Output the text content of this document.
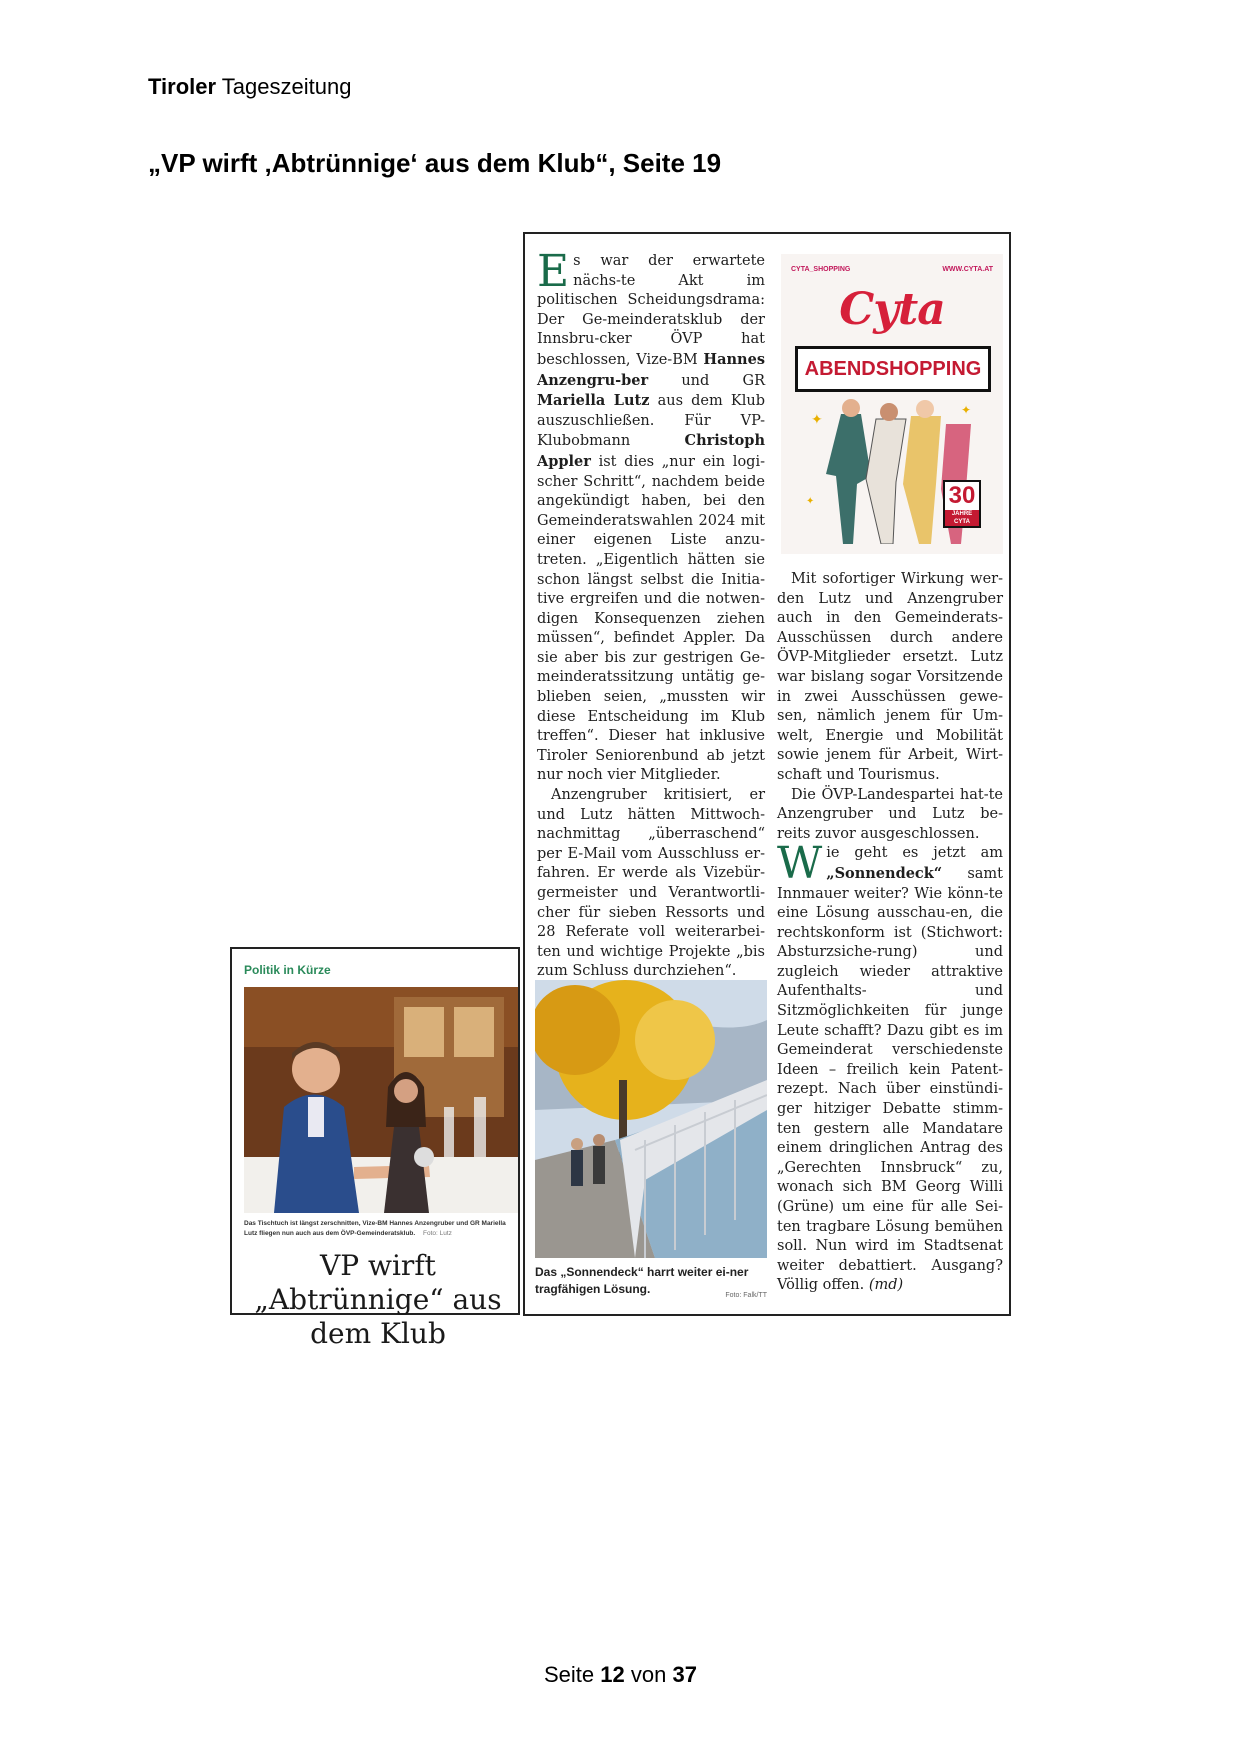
Tiroler Tageszeitung
„VP wirft ‚Abtrünnige‘ aus dem Klub“, Seite 19
Politik in Kürze
Das Tischtuch ist längst zerschnitten, Vize-BM Hannes Anzengruber und GR Mariella Lutz fliegen nun auch aus dem ÖVP-Gemeinderatsklub. Foto: Lutz
VP wirft „Abtrünnige“ aus dem Klub

Es war der erwartete nächs-te Akt im politischen Scheidungsdrama: Der Ge-meinderatsklub der Innsbru-cker ÖVP hat beschlossen, Vize-BM Hannes Anzengru-ber und GR Mariella Lutz aus dem Klub auszuschließen. Für VP-Klubobmann Christoph Appler ist dies „nur ein logi-scher Schritt“, nachdem beide angekündigt haben, bei den Gemeinderatswahlen 2024 mit einer eigenen Liste anzu-treten. „Eigentlich hätten sie schon längst selbst die Initia-tive ergreifen und die notwen-digen Konsequenzen ziehen müssen“, befindet Appler. Da sie aber bis zur gestrigen Ge-meinderatssitzung untätig ge-blieben seien, „mussten wir diese Entscheidung im Klub treffen“. Dieser hat inklusive Tiroler Seniorenbund ab jetzt nur noch vier Mitglieder.

Anzengruber kritisiert, er und Lutz hätten Mittwoch-nachmittag „überraschend“ per E-Mail vom Ausschluss er-fahren. Er werde als Vizebür-germeister und Verantwortli-cher für sieben Ressorts und 28 Referate voll weiterarbei-ten und wichtige Projekte „bis zum Schluss durchziehen“.

CYTA_SHOPPING	WWW.CYTA.AT
Cyta
ABENDSHOPPING
✦
✦
✦	30
JAHRE CYTA

Mit sofortiger Wirkung wer-den Lutz und Anzengruber auch in den Gemeinderats-Ausschüssen durch andere ÖVP-Mitglieder ersetzt. Lutz war bislang sogar Vorsitzende in zwei Ausschüssen gewe-sen, nämlich jenem für Um-welt, Energie und Mobilität sowie jenem für Arbeit, Wirt-schaft und Tourismus.

Die ÖVP-Landespartei hat-te Anzengruber und Lutz be-reits zuvor ausgeschlossen.

Wie geht es jetzt am „Sonnendeck“ samt Innmauer weiter? Wie könn-te eine Lösung ausschau-en, die rechtskonform ist (Stichwort: Absturzsiche-rung) und zugleich wieder attraktive Aufenthalts- und Sitzmöglichkeiten für junge Leute schafft? Dazu gibt es im Gemeinderat verschiedenste Ideen – freilich kein Patent-rezept. Nach über einstündi-ger hitziger Debatte stimm-ten gestern alle Mandatare einem dringlichen Antrag des „Gerechten Innsbruck“ zu, wonach sich BM Georg Willi (Grüne) um eine für alle Sei-ten tragbare Lösung bemühen soll. Nun wird im Stadtsenat weiter debattiert. Ausgang? Völlig offen. (md)

Das „Sonnendeck“ harrt weiter ei-ner tragfähigen Lösung.	Foto: Falk/TT
Seite 12 von 37
